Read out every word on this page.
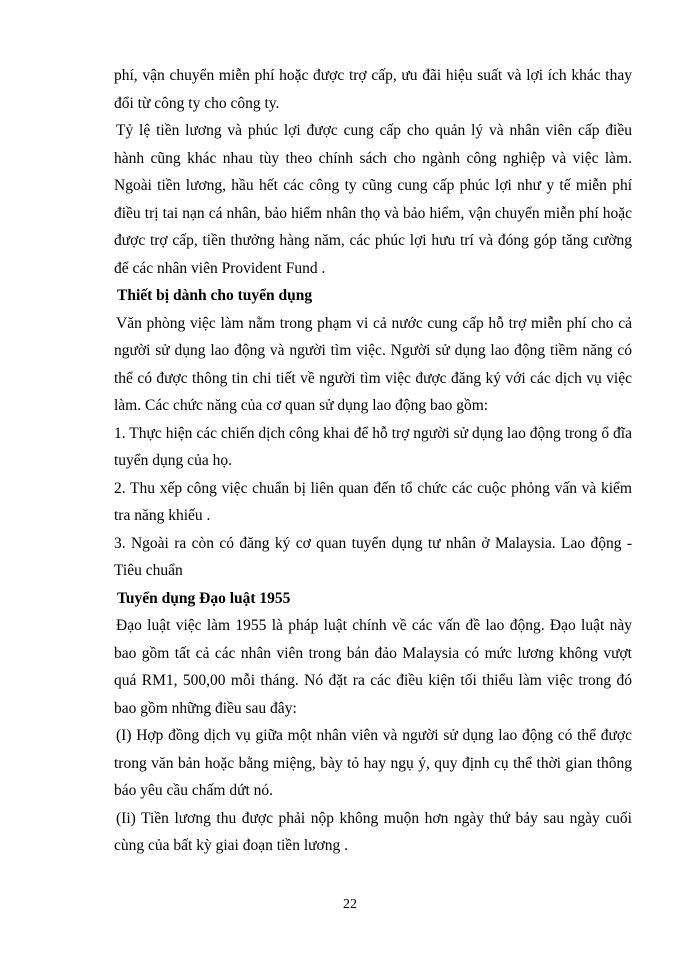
phí, vận chuyển miễn phí hoặc được trợ cấp, ưu đãi hiệu suất và lợi ích khác thay đổi từ công ty cho công ty.

Tỷ lệ tiền lương và phúc lợi được cung cấp cho quản lý và nhân viên cấp điều hành cũng khác nhau tùy theo chính sách cho ngành công nghiệp và việc làm. Ngoài tiền lương, hầu hết các công ty cũng cung cấp phúc lợi như y tế miễn phí điều trị tai nạn cá nhân, bảo hiểm nhân thọ và bảo hiểm, vận chuyển miễn phí hoặc được trợ cấp, tiền thưởng hàng năm, các phúc lợi hưu trí và đóng góp tăng cường để các nhân viên Provident Fund .

Thiết bị dành cho tuyển dụng

Văn phòng việc làm nằm trong phạm vi cả nước cung cấp hỗ trợ miễn phí cho cả người sử dụng lao động và người tìm việc. Người sử dụng lao động tiềm năng có thể có được thông tin chi tiết về người tìm việc được đăng ký với các dịch vụ việc làm. Các chức năng của cơ quan sử dụng lao động bao gồm:

1. Thực hiện các chiến dịch công khai để hỗ trợ người sử dụng lao động trong ổ đĩa tuyển dụng của họ.

2. Thu xếp công việc chuẩn bị liên quan đến tổ chức các cuộc phỏng vấn và kiểm tra năng khiếu .

3. Ngoài ra còn có đăng ký cơ quan tuyển dụng tư nhân ở Malaysia. Lao động - Tiêu chuẩn

Tuyển dụng Đạo luật 1955

Đạo luật việc làm 1955 là pháp luật chính về các vấn đề lao động. Đạo luật này bao gồm tất cả các nhân viên trong bán đảo Malaysia có mức lương không vượt quá RM1, 500,00 mỗi tháng. Nó đặt ra các điều kiện tối thiểu làm việc trong đó bao gồm những điều sau đây:

(I) Hợp đồng dịch vụ giữa một nhân viên và người sử dụng lao động có thể được trong văn bản hoặc bằng miệng, bày tỏ hay ngụ ý, quy định cụ thể thời gian thông báo yêu cầu chấm dứt nó.

(Ii) Tiền lương thu được phải nộp không muộn hơn ngày thứ bảy sau ngày cuối cùng của bất kỳ giai đoạn tiền lương .

22
